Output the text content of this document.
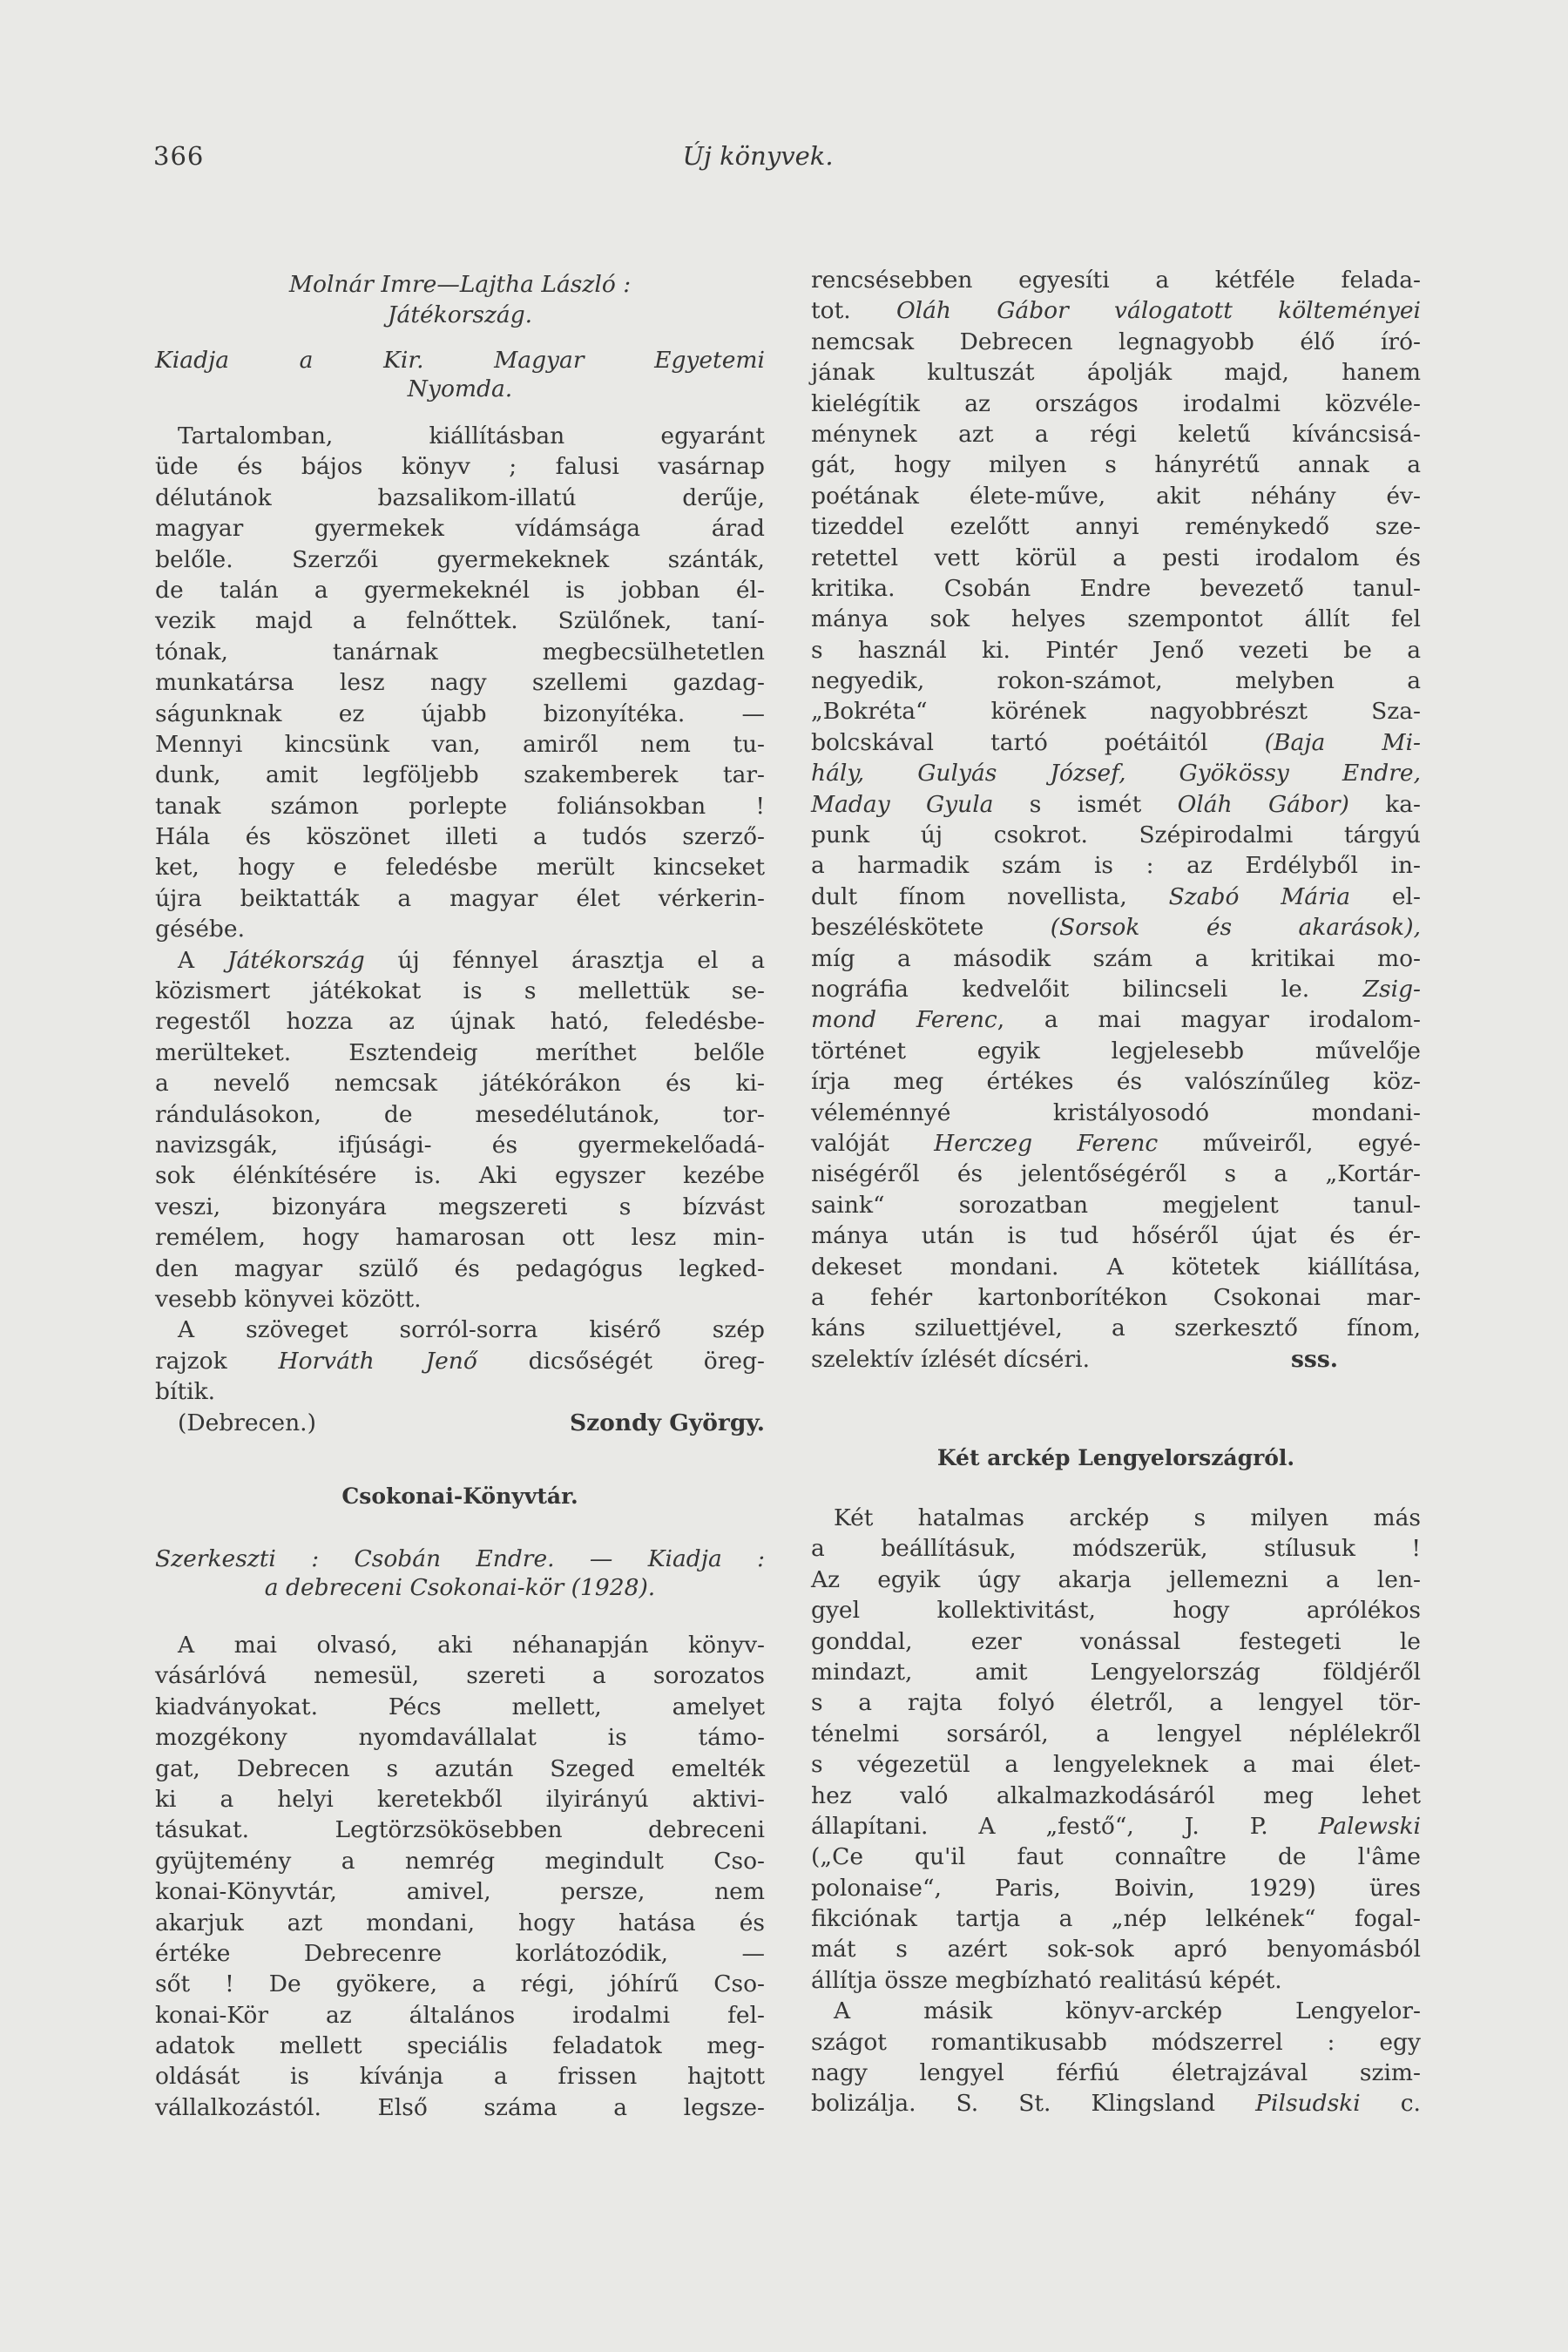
366	Új könyvek.
Molnár Imre—Lajtha László :
Játékország.
Kiadja a Kir. Magyar Egyetemi
Nyomda.
Tartalomban, kiállításban egyaránt
üde és bájos könyv ; falusi vasárnap
délutánok bazsalikom-illatú derűje,
magyar gyermekek vídámsága árad
belőle. Szerzői gyermekeknek szánták,
de talán a gyermekeknél is jobban él-
vezik majd a felnőttek. Szülőnek, taní-
tónak, tanárnak megbecsülhetetlen
munkatársa lesz nagy szellemi gazdag-
ságunknak ez újabb bizonyítéka. —
Mennyi kincsünk van, amiről nem tu-
dunk, amit legföljebb szakemberek tar-
tanak számon porlepte foliánsokban !
Hála és köszönet illeti a tudós szerző-
ket, hogy e feledésbe merült kincseket
újra beiktatták a magyar élet vérkerin-
gésébe.
A Játékország új fénnyel árasztja el a
közismert játékokat is s mellettük se-
regestől hozza az újnak ható, feledésbe-
merülteket. Esztendeig meríthet belőle
a nevelő nemcsak játékórákon és ki-
rándulásokon, de mesedélutánok, tor-
navizsgák, ifjúsági- és gyermekelőadá-
sok élénkítésére is. Aki egyszer kezébe
veszi, bizonyára megszereti s bízvást
remélem, hogy hamarosan ott lesz min-
den magyar szülő és pedagógus legked-
vesebb könyvei között.
A szöveget sorról-sorra kisérő szép
rajzok Horváth Jenő dicsőségét öreg-
bítik.
(Debrecen.)	Szondy György.
Csokonai-Könyvtár.
Szerkeszti : Csobán Endre. — Kiadja :
a debreceni Csokonai-kör (1928).
A mai olvasó, aki néhanapján könyv-
vásárlóvá nemesül, szereti a sorozatos
kiadványokat. Pécs mellett, amelyet
mozgékony nyomdavállalat is támo-
gat, Debrecen s azután Szeged emelték
ki a helyi keretekből ilyirányú aktivi-
tásukat. Legtörzsökösebben debreceni
gyüjtemény a nemrég megindult Cso-
konai-Könyvtár, amivel, persze, nem
akarjuk azt mondani, hogy hatása és
értéke Debrecenre korlátozódik, —
sőt ! De gyökere, a régi, jóhírű Cso-
konai-Kör az általános irodalmi fel-
adatok mellett speciális feladatok meg-
oldását is kívánja a frissen hajtott
vállalkozástól. Első száma a legsze-
rencsésebben egyesíti a kétféle felada-
tot. Oláh Gábor válogatott költeményei
nemcsak Debrecen legnagyobb élő író-
jának kultuszát ápolják majd, hanem
kielégítik az országos irodalmi közvéle-
ménynek azt a régi keletű kíváncsisá-
gát, hogy milyen s hányrétű annak a
poétának élete-műve, akit néhány év-
tizeddel ezelőtt annyi reménykedő sze-
retettel vett körül a pesti irodalom és
kritika. Csobán Endre bevezető tanul-
mánya sok helyes szempontot állít fel
s használ ki. Pintér Jenő vezeti be a
negyedik, rokon-számot, melyben a
„Bokréta“ körének nagyobbrészt Sza-
bolcskával tartó poétáitól (Baja Mi-
hály, Gulyás József, Gyökössy Endre,
Maday Gyula s ismét Oláh Gábor) ka-
punk új csokrot. Szépirodalmi tárgyú
a harmadik szám is : az Erdélyből in-
dult fínom novellista, Szabó Mária el-
beszéléskötete (Sorsok és akarások),
míg a második szám a kritikai mo-
nográfia kedvelőit bilincseli le. Zsig-
mond Ferenc, a mai magyar irodalom-
történet egyik legjelesebb művelője
írja meg értékes és valószínűleg köz-
véleménnyé kristályosodó mondani-
valóját Herczeg Ferenc műveiről, egyé-
niségéről és jelentőségéről s a „Kortár-
saink“ sorozatban megjelent tanul-
mánya után is tud hőséről újat és ér-
dekeset mondani. A kötetek kiállítása,
a fehér kartonborítékon Csokonai mar-
káns sziluettjével, a szerkesztő fínom,
szelektív ízlését dícséri.	sss.
Két arckép Lengyelországról.
Két hatalmas arckép s milyen más
a beállításuk, módszerük, stílusuk !
Az egyik úgy akarja jellemezni a len-
gyel kollektivitást, hogy aprólékos
gonddal, ezer vonással festegeti le
mindazt, amit Lengyelország földjéről
s a rajta folyó életről, a lengyel tör-
ténelmi sorsáról, a lengyel néplélekről
s végezetül a lengyeleknek a mai élet-
hez való alkalmazkodásáról meg lehet
állapítani. A „festő“, J. P. Palewski
(„Ce qu'il faut connaître de l'âme
polonaise“, Paris, Boivin, 1929) üres
fikciónak tartja a „nép lelkének“ fogal-
mát s azért sok-sok apró benyomásból
állítja össze megbízható realitású képét.
A másik könyv-arckép Lengyelor-
szágot romantikusabb módszerrel : egy
nagy lengyel férfiú életrajzával szim-
bolizálja. S. St. Klingsland Pilsudski c.
